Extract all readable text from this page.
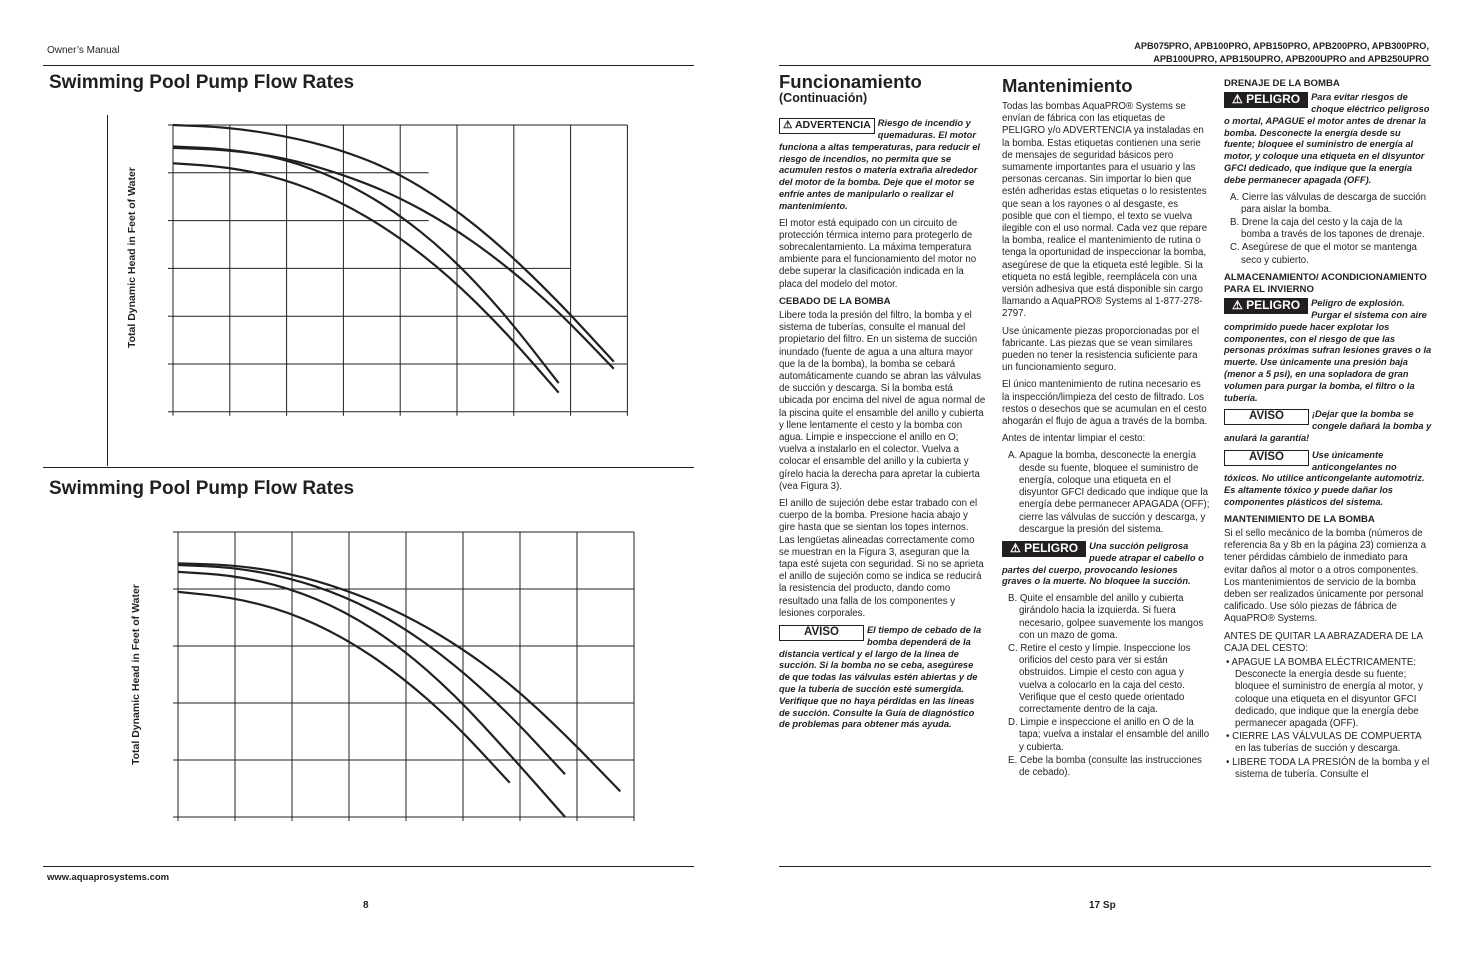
Owner’s Manual	APB075PRO, APB100PRO, APB150PRO, APB200PRO, APB300PRO,
APB100UPRO, APB150UPRO, APB200UPRO and APB250UPRO
Swimming Pool Pump Flow Rates
Total Dynamic Head in Feet of Water
Swimming Pool Pump Flow Rates
Total Dynamic Head in Feet of Water
www.aquaprosystems.com
8
Funcionamiento
(Continuación)
⚠ ADVERTENCIA Riesgo de incendio y quemaduras. El motor funciona a altas temperaturas, para reducir el riesgo de incendios, no permita que se acumulen restos o materia extraña alrededor del motor de la bomba. Deje que el motor se enfríe antes de manipularlo o realizar el mantenimiento.

El motor está equipado con un circuito de protección térmica interno para protegerlo de sobrecalentamiento. La máxima temperatura ambiente para el funcionamiento del motor no debe superar la clasificación indicada en la placa del modelo del motor.

CEBADO DE LA BOMBA

Libere toda la presión del filtro, la bomba y el sistema de tuberías, consulte el manual del propietario del filtro. En un sistema de succión inundado (fuente de agua a una altura mayor que la de la bomba), la bomba se cebará automáticamente cuando se abran las válvulas de succión y descarga. Si la bomba está ubicada por encima del nivel de agua normal de la piscina quite el ensamble del anillo y cubierta y llene lentamente el cesto y la bomba con agua. Limpie e inspeccione el anillo en O; vuelva a instalarlo en el colector. Vuelva a colocar el ensamble del anillo y la cubierta y gírelo hacia la derecha para apretar la cubierta (vea Figura 3).

El anillo de sujeción debe estar trabado con el cuerpo de la bomba. Presione hacia abajo y gire hasta que se sientan los topes internos. Las lengüetas alineadas correctamente como se muestran en la Figura 3, aseguran que la tapa esté sujeta con seguridad. Si no se aprieta el anillo de sujeción como se indica se reducirá la resistencia del producto, dando como resultado una falla de los componentes y lesiones corporales.

AVISO	El tiempo de cebado de la bomba dependerá de la distancia vertical y el largo de la línea de succión. Si la bomba no se ceba, asegúrese de que todas las válvulas estén abiertas y de que la tubería de succión esté sumergida. Verifique que no haya pérdidas en las líneas de succión. Consulte la Guía de diagnóstico de problemas para obtener más ayuda.
Mantenimiento

Todas las bombas AquaPRO® Systems se envían de fábrica con las etiquetas de PELIGRO y/o ADVERTENCIA ya instaladas en la bomba. Estas etiquetas contienen una serie de mensajes de seguridad básicos pero sumamente importantes para el usuario y las personas cercanas. Sin importar lo bien que estén adheridas estas etiquetas o lo resistentes que sean a los rayones o al desgaste, es posible que con el tiempo, el texto se vuelva ilegible con el uso normal. Cada vez que repare la bomba, realice el mantenimiento de rutina o tenga la oportunidad de inspeccionar la bomba, asegúrese de que la etiqueta esté legible. Si la etiqueta no está legible, reemplácela con una versión adhesiva que está disponible sin cargo llamando a AquaPRO® Systems al 1-877-278-2797.

Use únicamente piezas proporcionadas por el fabricante. Las piezas que se vean similares pueden no tener la resistencia suficiente para un funcionamiento seguro.

El único mantenimiento de rutina necesario es la inspección/limpieza del cesto de filtrado. Los restos o desechos que se acumulan en el cesto ahogarán el flujo de agua a través de la bomba.

Antes de intentar limpiar el cesto:

A. Apague la bomba, desconecte la energía desde su fuente, bloquee el suministro de energía, coloque una etiqueta en el disyuntor GFCI dedicado que indique que la energía debe permanecer APAGADA (OFF); cierre las válvulas de succión y descarga, y descargue la presión del sistema.
⚠ PELIGRO	Una succión peligrosa puede atrapar el cabello o partes del cuerpo, provocando lesiones graves o la muerte. No bloquee la succión.
B. Quite el ensamble del anillo y cubierta girándolo hacia la izquierda. Si fuera necesario, golpee suavemente los mangos con un mazo de goma.
C. Retire el cesto y límpie. Inspeccione los orificios del cesto para ver si están obstruidos. Limpie el cesto con agua y vuelva a colocarlo en la caja del cesto. Verifique que el cesto quede orientado correctamente dentro de la caja.
D. Limpie e inspeccione el anillo en O de la tapa; vuelva a instalar el ensamble del anillo y cubierta.
E. Cebe la bomba (consulte las instrucciones de cebado).
DRENAJE DE LA BOMBA
⚠ PELIGRO	Para evitar riesgos de choque eléctrico peligroso o mortal, APAGUE el motor antes de drenar la bomba. Desconecte la energía desde su fuente; bloquee el suministro de energía al motor, y coloque una etiqueta en el disyuntor GFCI dedicado, que indique que la energía debe permanecer apagada (OFF).
A. Cierre las válvulas de descarga de succión para aislar la bomba.
B. Drene la caja del cesto y la caja de la bomba a través de los tapones de drenaje.
C. Asegúrese de que el motor se mantenga seco y cubierto.
ALMACENAMIENTO/ ACONDICIONAMIENTO PARA EL INVIERNO
⚠ PELIGRO	Peligro de explosión. Purgar el sistema con aire comprimido puede hacer explotar los componentes, con el riesgo de que las personas próximas sufran lesiones graves o la muerte. Use únicamente una presión baja (menor a 5 psi), en una sopladora de gran volumen para purgar la bomba, el filtro o la tubería.
AVISO	¡Dejar que la bomba se congele dañará la bomba y anulará la garantía!
AVISO	Use únicamente anticongelantes no tóxicos. No utilice anticongelante automotriz. Es altamente tóxico y puede dañar los componentes plásticos del sistema.
MANTENIMIENTO DE LA BOMBA

Si el sello mecánico de la bomba (números de referencia 8a y 8b en la página 23) comienza a tener pérdidas cámbielo de inmediato para evitar daños al motor o a otros componentes. Los mantenimientos de servicio de la bomba deben ser realizados únicamente por personal calificado. Use sólo piezas de fábrica de AquaPRO® Systems.

ANTES DE QUITAR LA ABRAZADERA DE LA CAJA DEL CESTO:

• APAGUE LA BOMBA ELÉCTRICAMENTE: Desconecte la energía desde su fuente; bloquee el suministro de energía al motor, y coloque una etiqueta en el disyuntor GFCI dedicado, que indique que la energía debe permanecer apagada (OFF).
• CIERRE LAS VÁLVULAS DE COMPUERTA en las tuberías de succión y descarga.
• LIBERE TODA LA PRESIÓN de la bomba y el sistema de tubería. Consulte el
17 Sp
